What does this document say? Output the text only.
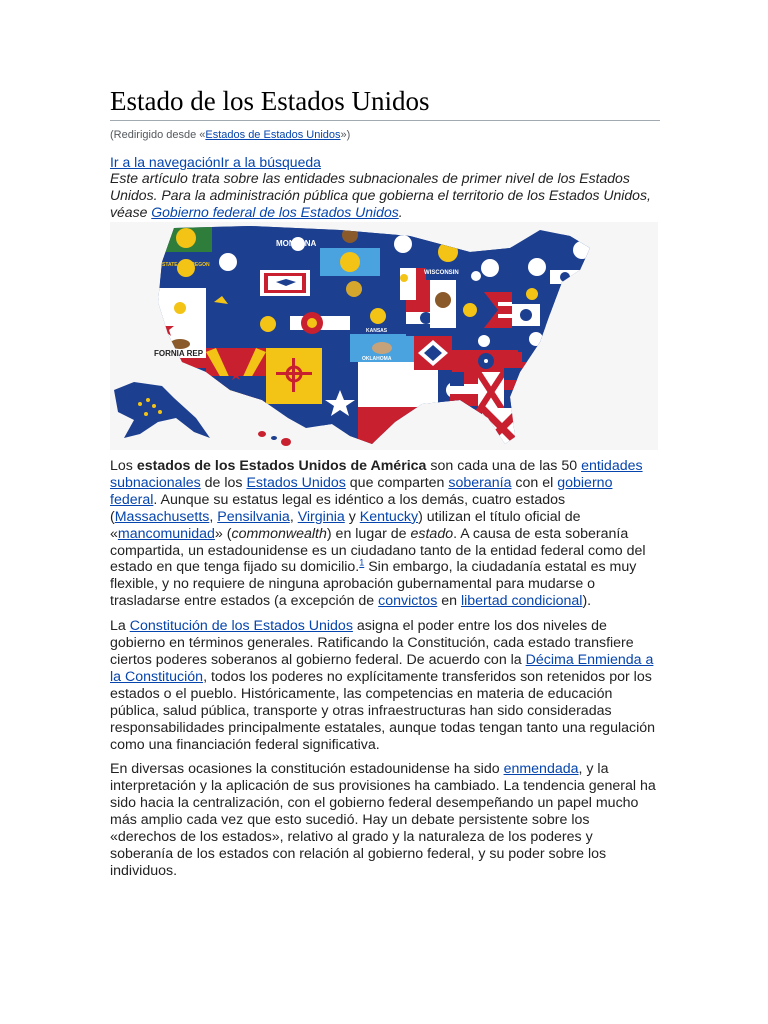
Estado de los Estados Unidos
(Redirigido desde «Estados de Estados Unidos»)
Ir a la navegaciónIr a la búsqueda
Este artículo trata sobre las entidades subnacionales de primer nivel de los Estados Unidos. Para la administración pública que gobierna el territorio de los Estados Unidos, véase Gobierno federal de los Estados Unidos.
MONTANA
STATE OF OREGON
WISCONSIN
FORNIA REP
KANSAS
OKLAHOMA

Los estados de los Estados Unidos de América son cada una de las 50 entidades subnacionales de los Estados Unidos que comparten soberanía con el gobierno federal. Aunque su estatus legal es idéntico a los demás, cuatro estados (Massachusetts, Pensilvania, Virginia y Kentucky) utilizan el título oficial de «mancomunidad» (commonwealth) en lugar de estado. A causa de esta soberanía compartida, un estadounidense es un ciudadano tanto de la entidad federal como del estado en que tenga fijado su domicilio.$^1$ Sin embargo, la ciudadanía estatal es muy flexible, y no requiere de ninguna aprobación gubernamental para mudarse o trasladarse entre estados (a excepción de convictos en libertad condicional).

La Constitución de los Estados Unidos asigna el poder entre los dos niveles de gobierno en términos generales. Ratificando la Constitución, cada estado transfiere ciertos poderes soberanos al gobierno federal. De acuerdo con la Décima Enmienda a la Constitución, todos los poderes no explícitamente transferidos son retenidos por los estados o el pueblo. Históricamente, las competencias en materia de educación pública, salud pública, transporte y otras infraestructuras han sido consideradas responsabilidades principalmente estatales, aunque todas tengan tanto una regulación como una financiación federal significativa.

En diversas ocasiones la constitución estadounidense ha sido enmendada, y la interpretación y la aplicación de sus provisiones ha cambiado. La tendencia general ha sido hacia la centralización, con el gobierno federal desempeñando un papel mucho más amplio cada vez que esto sucedió. Hay un debate persistente sobre los «derechos de los estados», relativo al grado y la naturaleza de los poderes y soberanía de los estados con relación al gobierno federal, y su poder sobre los individuos.
